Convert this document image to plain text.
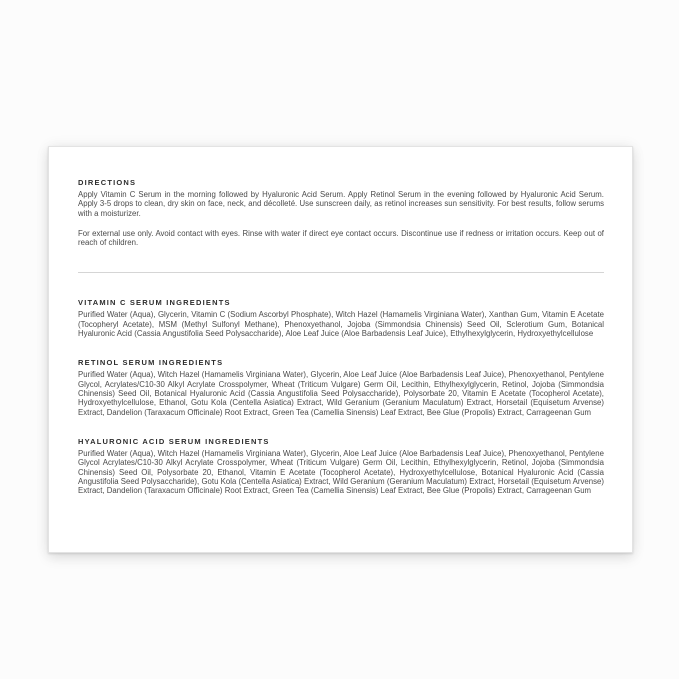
DIRECTIONS

Apply Vitamin C Serum in the morning followed by Hyaluronic Acid Serum. Apply Retinol Serum in the evening followed by Hyaluronic Acid Serum. Apply 3-5 drops to clean, dry skin on face, neck, and décolleté. Use sunscreen daily, as retinol increases sun sensitivity. For best results, follow serums with a moisturizer.

For external use only. Avoid contact with eyes. Rinse with water if direct eye contact occurs. Discontinue use if redness or irritation occurs. Keep out of reach of children.

VITAMIN C SERUM INGREDIENTS

Purified Water (Aqua), Glycerin, Vitamin C (Sodium Ascorbyl Phosphate), Witch Hazel (Hamamelis Virginiana Water), Xanthan Gum, Vitamin E Acetate (Tocopheryl Acetate), MSM (Methyl Sulfonyl Methane), Phenoxyethanol, Jojoba (Simmondsia Chinensis) Seed Oil, Sclerotium Gum, Botanical Hyaluronic Acid (Cassia Angustifolia Seed Polysaccharide), Aloe Leaf Juice (Aloe Barbadensis Leaf Juice), Ethylhexylglycerin, Hydroxyethylcellulose

RETINOL SERUM INGREDIENTS

Purified Water (Aqua), Witch Hazel (Hamamelis Virginiana Water), Glycerin, Aloe Leaf Juice (Aloe Barbadensis Leaf Juice), Phenoxyethanol, Pentylene Glycol, Acrylates/C10-30 Alkyl Acrylate Crosspolymer, Wheat (Triticum Vulgare) Germ Oil, Lecithin, Ethylhexylglycerin, Retinol, Jojoba (Simmondsia Chinensis) Seed Oil, Botanical Hyaluronic Acid (Cassia Angustifolia Seed Polysaccharide), Polysorbate 20, Vitamin E Acetate (Tocopherol Acetate), Hydroxyethylcellulose, Ethanol, Gotu Kola (Centella Asiatica) Extract, Wild Geranium (Geranium Maculatum) Extract, Horsetail (Equisetum Arvense) Extract, Dandelion (Taraxacum Officinale) Root Extract, Green Tea (Camellia Sinensis) Leaf Extract, Bee Glue (Propolis) Extract, Carrageenan Gum

HYALURONIC ACID SERUM INGREDIENTS

Purified Water (Aqua), Witch Hazel (Hamamelis Virginiana Water), Glycerin, Aloe Leaf Juice (Aloe Barbadensis Leaf Juice), Phenoxyethanol, Pentylene Glycol Acrylates/C10-30 Alkyl Acrylate Crosspolymer, Wheat (Triticum Vulgare) Germ Oil, Lecithin, Ethylhexylglycerin, Retinol, Jojoba (Simmondsia Chinensis) Seed Oil, Polysorbate 20, Ethanol, Vitamin E Acetate (Tocopherol Acetate), Hydroxyethylcellulose, Botanical Hyaluronic Acid (Cassia Angustifolia Seed Polysaccharide), Gotu Kola (Centella Asiatica) Extract, Wild Geranium (Geranium Maculatum) Extract, Horsetail (Equisetum Arvense) Extract, Dandelion (Taraxacum Officinale) Root Extract, Green Tea (Camellia Sinensis) Leaf Extract, Bee Glue (Propolis) Extract, Carrageenan Gum
